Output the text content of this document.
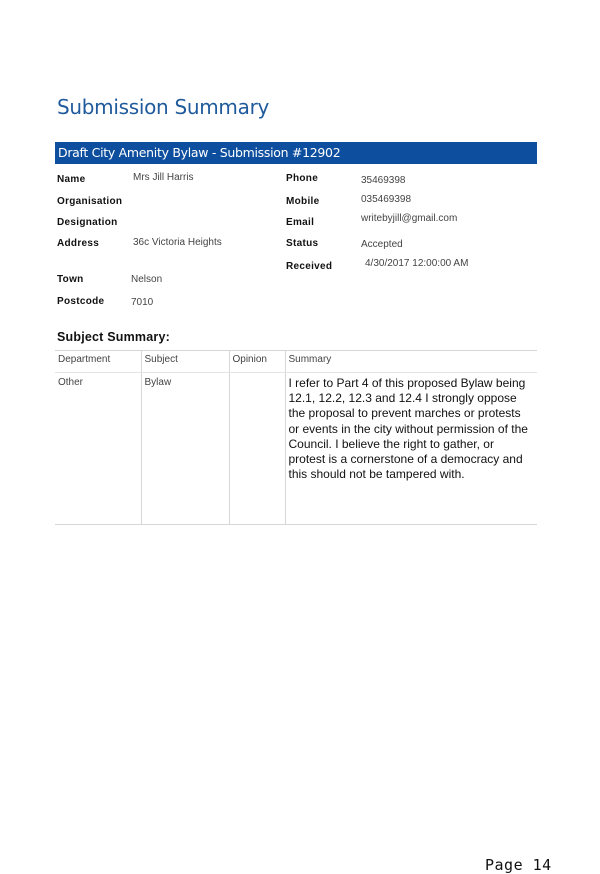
Submission Summary
Draft City Amenity Bylaw - Submission #12902
Name	Mrs Jill Harris
Organisation
Designation
Address	36c Victoria Heights
Town	Nelson
Postcode	7010
Phone	35469398
Mobile	035469398
Email	writebyjill@gmail.com
Status	Accepted
Received	4/30/2017 12:00:00 AM
Subject Summary:
Department	Subject	Opinion	Summary
Other	Bylaw		I refer to Part 4 of this proposed Bylaw being 12.1, 12.2, 12.3 and 12.4 I strongly oppose the proposal to prevent marches or protests or events in the city without permission of the Council. I believe the right to gather, or protest is a cornerstone of a democracy and this should not be tampered with.
Page 14
